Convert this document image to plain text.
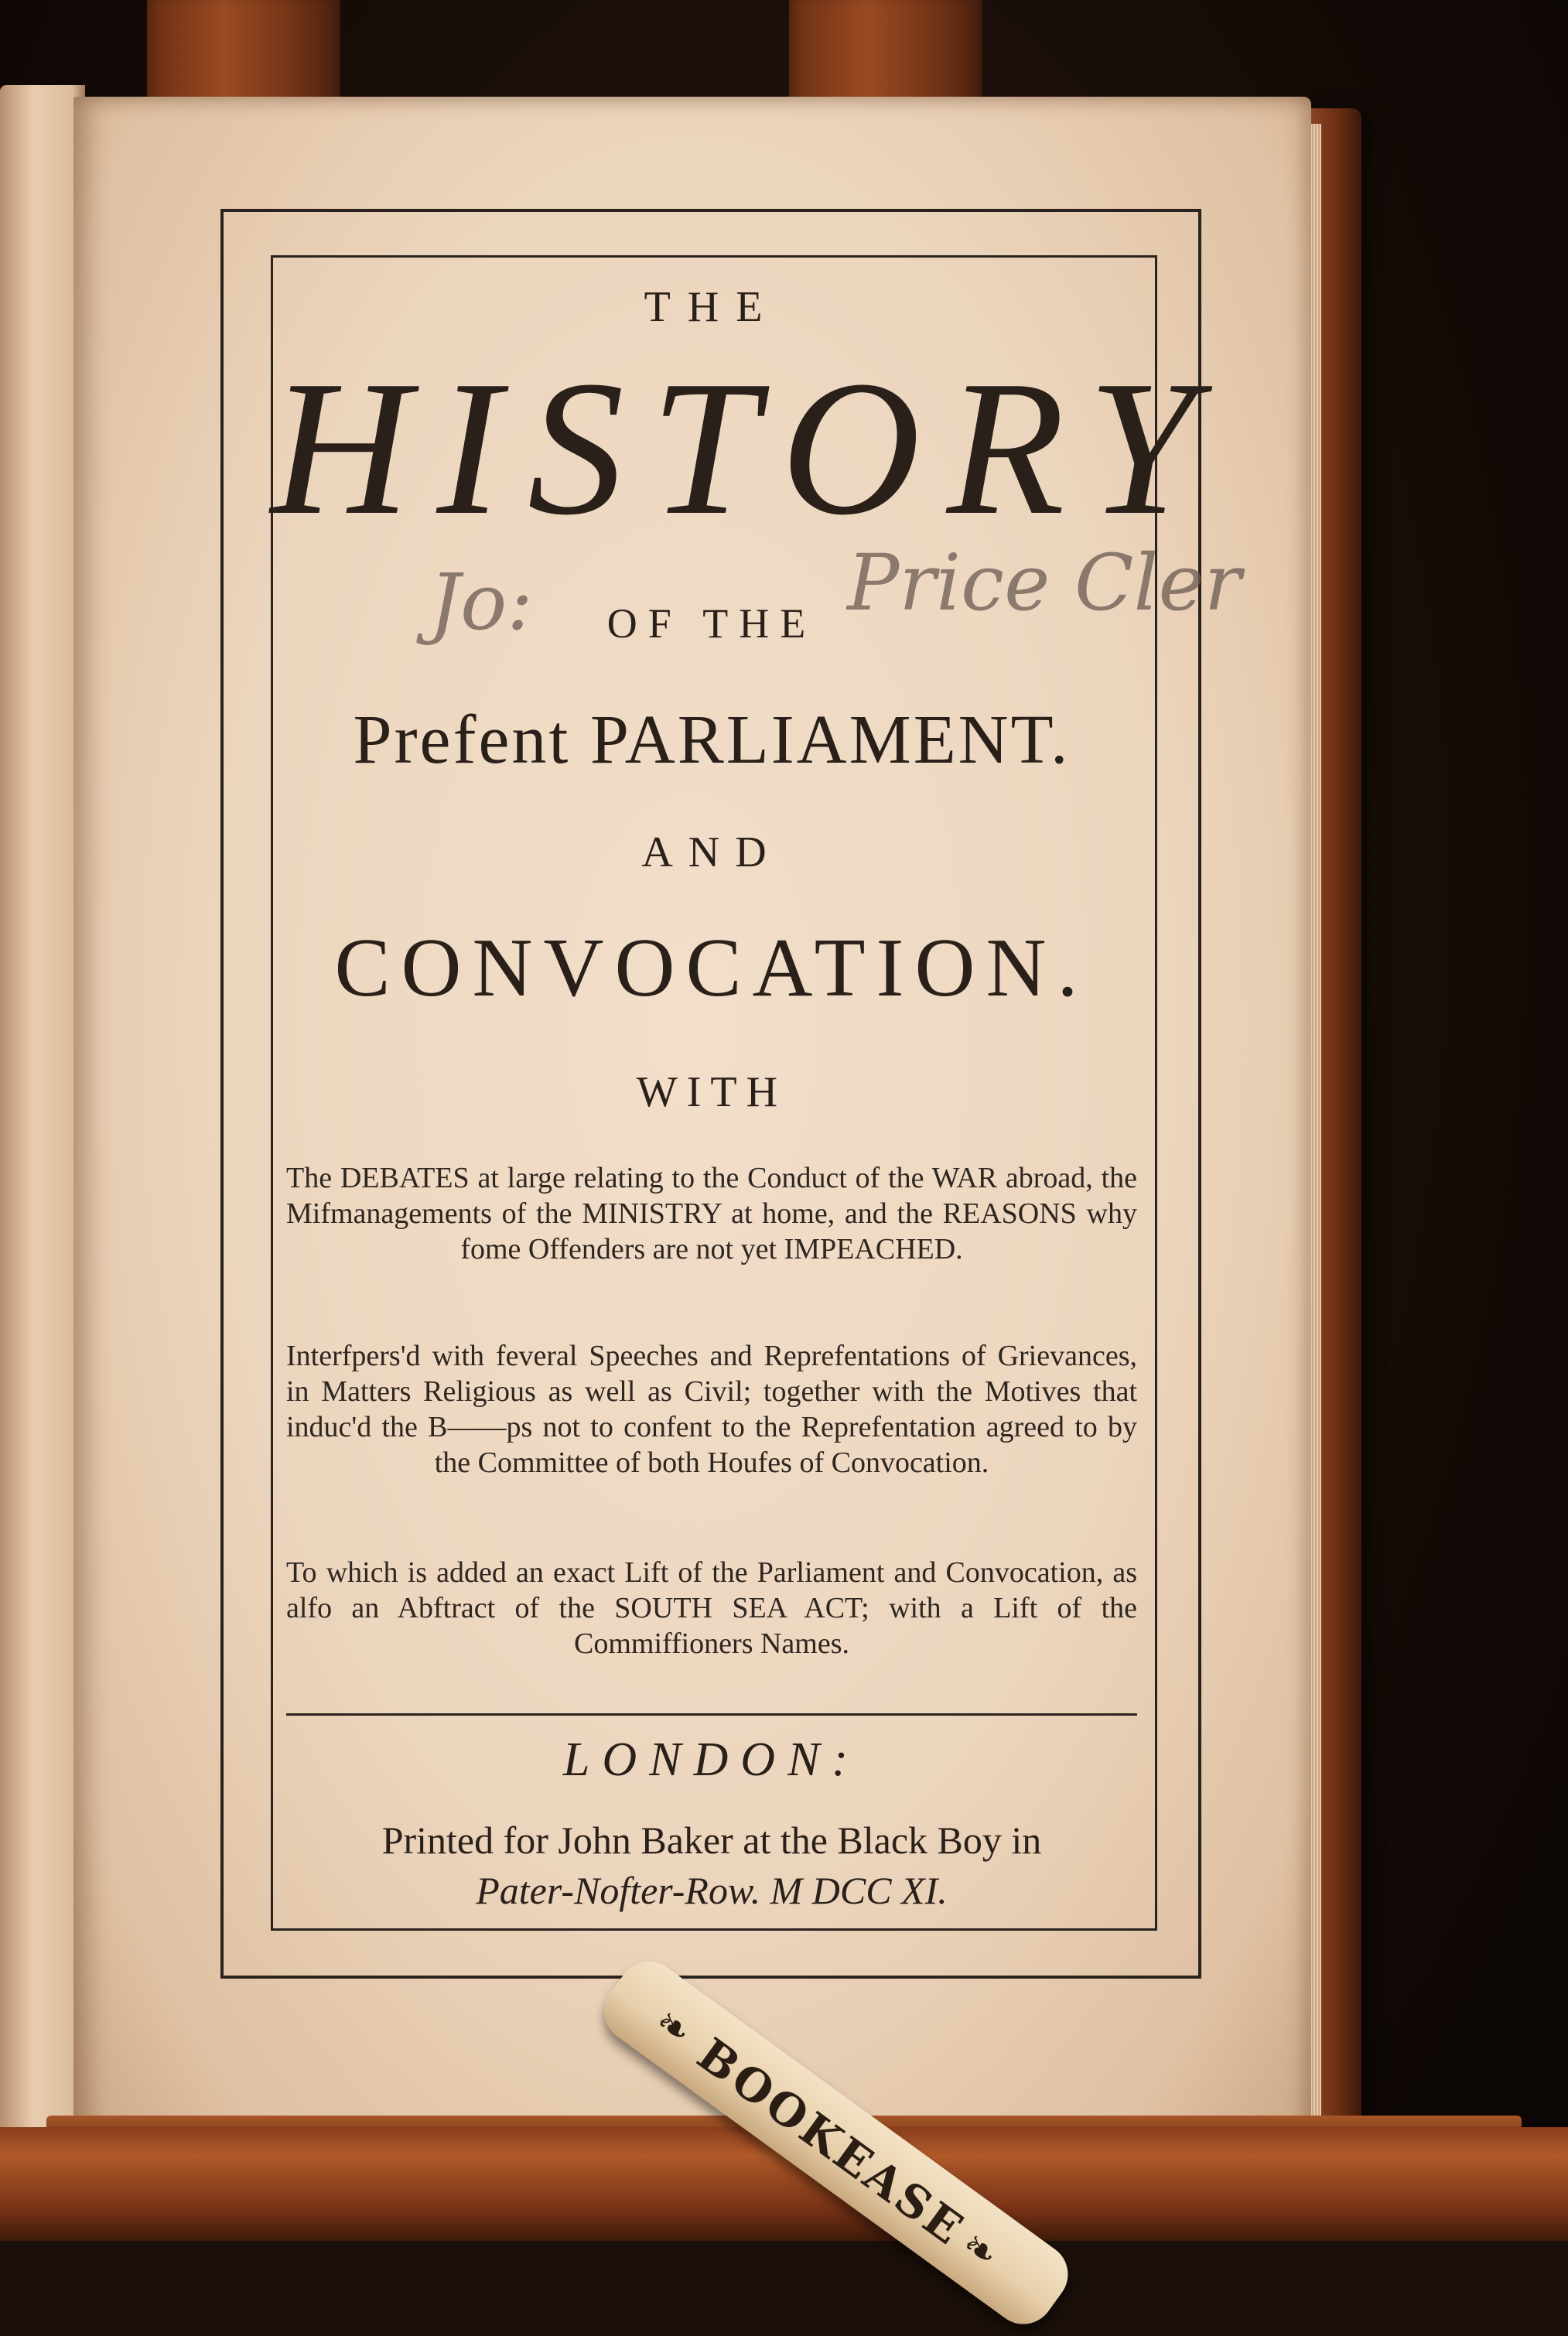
THE
HISTORY
Jo:	OF THE Price Cler
Prefent PARLIAMENT.
AND
CONVOCATION.
WITH
The DEBATES at large relating to the Conduct of the WAR abroad, the Mifmanagements of the MINISTRY at home, and the REASONS why fome Offenders are not yet IMPEACHED.
Interfpers'd with feveral Speeches and Reprefentations of Grievances, in Matters Religious as well as Civil; together with the Motives that induc'd the B——ps not to confent to the Reprefentation agreed to by the Committee of both Houfes of Convocation.
To which is added an exact Lift of the Parliament and Convocation, as alfo an Abftract of the SOUTH SEA ACT; with a Lift of the Commiffioners Names.
LONDON:
Printed for John Baker at the Black Boy in
Pater-Nofter-Row. M DCC XI.
❧
BOOKEASE
❧
